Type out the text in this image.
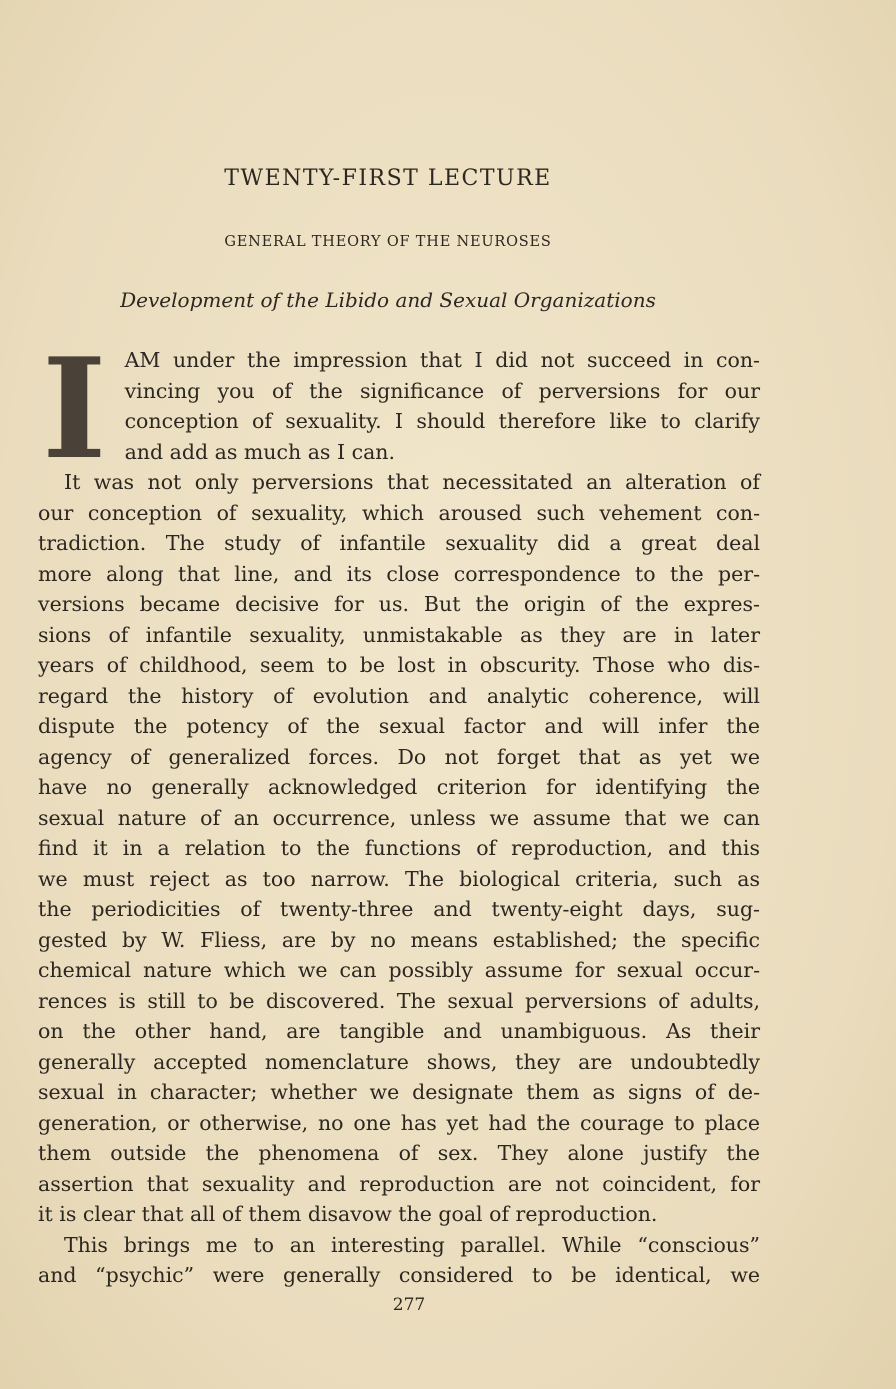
TWENTY-FIRST LECTURE
GENERAL THEORY OF THE NEUROSES
Development of the Libido and Sexual Organizations
I AM under the impression that I did not succeed in con-
vincing you of the significance of perversions for our
conception of sexuality. I should therefore like to clarify
and add as much as I can.
It was not only perversions that necessitated an alteration of
our conception of sexuality, which aroused such vehement con-
tradiction. The study of infantile sexuality did a great deal
more along that line, and its close correspondence to the per-
versions became decisive for us. But the origin of the expres-
sions of infantile sexuality, unmistakable as they are in later
years of childhood, seem to be lost in obscurity. Those who dis-
regard the history of evolution and analytic coherence, will
dispute the potency of the sexual factor and will infer the
agency of generalized forces. Do not forget that as yet we
have no generally acknowledged criterion for identifying the
sexual nature of an occurrence, unless we assume that we can
find it in a relation to the functions of reproduction, and this
we must reject as too narrow. The biological criteria, such as
the periodicities of twenty-three and twenty-eight days, sug-
gested by W. Fliess, are by no means established; the specific
chemical nature which we can possibly assume for sexual occur-
rences is still to be discovered. The sexual perversions of adults,
on the other hand, are tangible and unambiguous. As their
generally accepted nomenclature shows, they are undoubtedly
sexual in character; whether we designate them as signs of de-
generation, or otherwise, no one has yet had the courage to place
them outside the phenomena of sex. They alone justify the
assertion that sexuality and reproduction are not coincident, for
it is clear that all of them disavow the goal of reproduction.
This brings me to an interesting parallel. While “conscious”
and “psychic” were generally considered to be identical, we
277
